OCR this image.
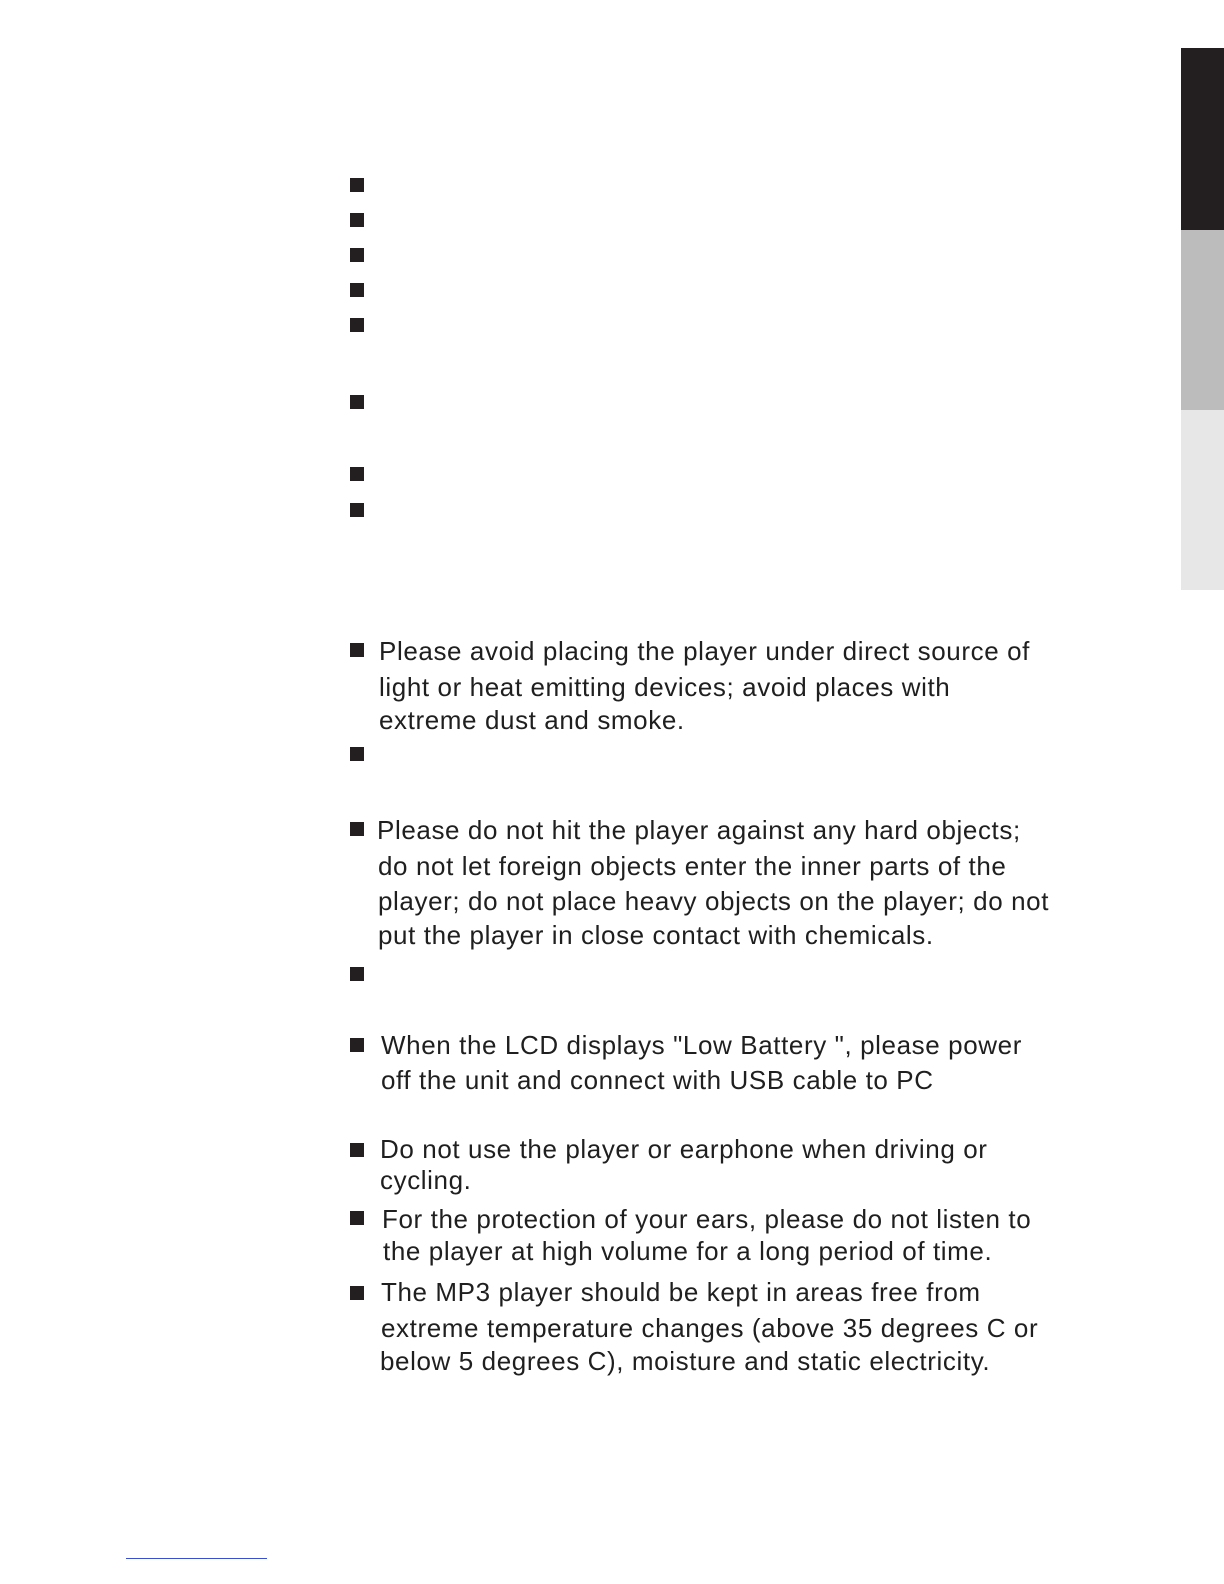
Please avoid placing the player under direct source of
light or heat emitting devices; avoid places with
extreme dust and smoke.
Please do not hit the player against any hard objects;
do not let foreign objects enter the inner parts of the
player; do not place heavy objects on the player; do not
put the player in close contact with chemicals.
When the LCD displays "Low Battery ", please power
off the unit and connect with USB cable to PC
Do not use the player or earphone when driving or
cycling.
For the protection of your ears, please do not listen to
the player at high volume for a long period of time.
The MP3 player should be kept in areas free from
extreme temperature changes (above 35 degrees C or
below 5 degrees C), moisture and static electricity.
